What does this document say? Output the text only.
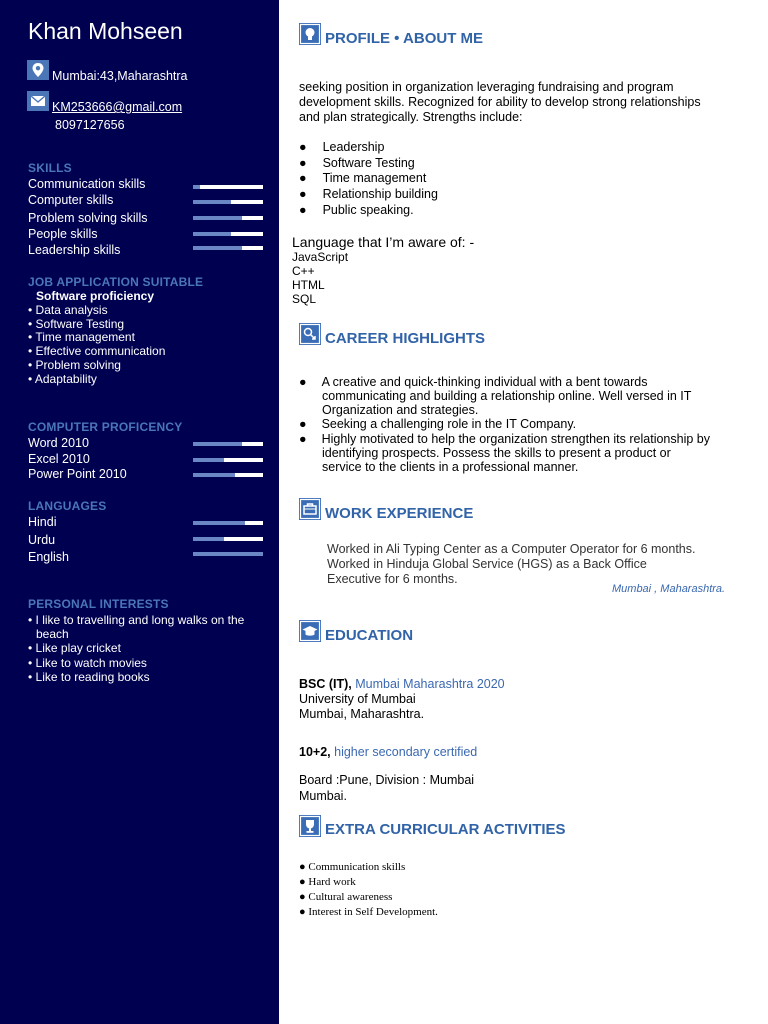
Khan Mohseen
Mumbai:43,Maharashtra
KM253666@gmail.com
8097127656
SKILLS
Communication skills
Computer skills
Problem solving skills
People skills
Leadership skills
JOB APPLICATION SUITABLE
Software proficiency
• Data analysis
• Software Testing
• Time management
• Effective communication
• Problem solving
• Adaptability
COMPUTER PROFICENCY
Word 2010
Excel 2010
Power Point 2010
LANGUAGES
Hindi
Urdu
English
PERSONAL INTERESTS
• I like to travelling and long walks on the
beach
• Like play cricket
• Like to watch movies
• Like to reading books
PROFILE • ABOUT ME
seeking position in organization leveraging fundraising and program
development skills. Recognized for ability to develop strong relationships
and plan strategically. Strengths include:
● Leadership
● Software Testing
● Time management
● Relationship building
● Public speaking.
Language that I’m aware of: -
JavaScript
C++
HTML
SQL
CAREER HIGHLIGHTS
● A creative and quick-thinking individual with a bent towards
communicating and building a relationship online. Well versed in IT
Organization and strategies.
● Seeking a challenging role in the IT Company.
● Highly motivated to help the organization strengthen its relationship by
identifying prospects. Possess the skills to present a product or
service to the clients in a professional manner.
WORK EXPERIENCE
Worked in Ali Typing Center as a Computer Operator for 6 months.
Worked in Hinduja Global Service (HGS) as a Back Office
Executive for 6 months.
Mumbai , Maharashtra.
EDUCATION
BSC (IT), Mumbai Maharashtra 2020
University of Mumbai
Mumbai, Maharashtra.
10+2, higher secondary certified
Board :Pune, Division : Mumbai
Mumbai.
EXTRA CURRICULAR ACTIVITIES
● Communication skills
● Hard work
● Cultural awareness
● Interest in Self Development.
